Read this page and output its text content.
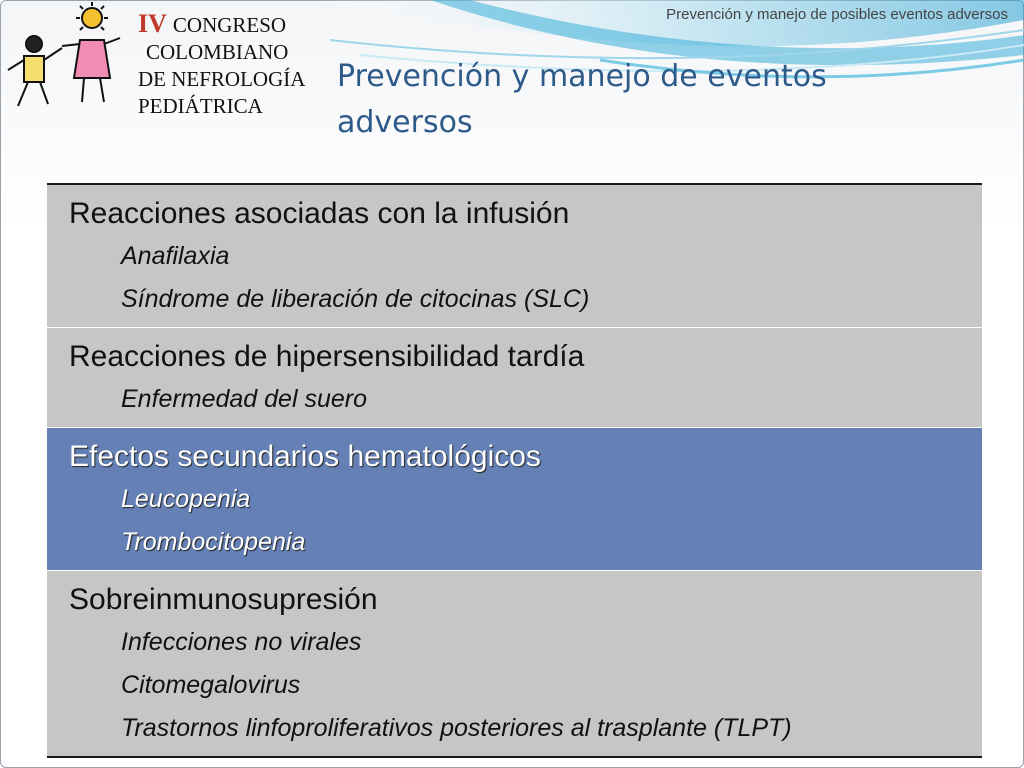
IV CONGRESO
COLOMBIANO
DE NEFROLOGÍA
PEDIÁTRICA
Prevención y manejo de posibles eventos adversos
Prevención y manejo de eventos adversos
Reacciones asociadas con la infusión
Anafilaxia
Síndrome de liberación de citocinas (SLC)
Reacciones de hipersensibilidad tardía
Enfermedad del suero
Efectos secundarios hematológicos
Leucopenia
Trombocitopenia
Sobreinmunosupresión
Infecciones no virales
Citomegalovirus
Trastornos linfoproliferativos posteriores al trasplante (TLPT)
